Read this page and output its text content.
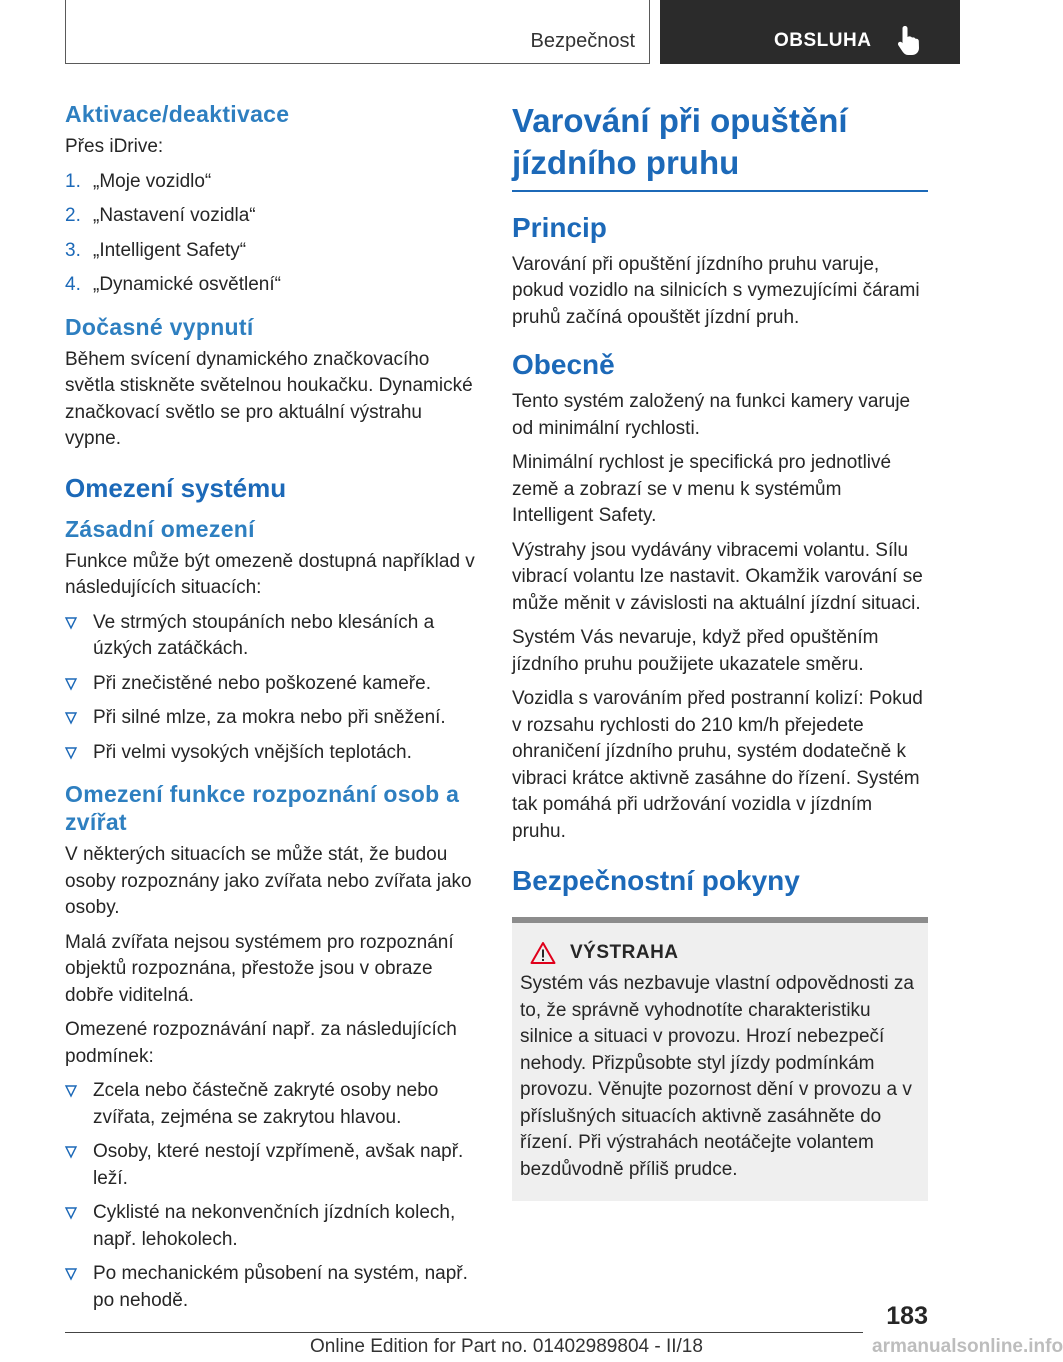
Bezpečnost	OBSLUHA
Aktivace/deaktivace

Přes iDrive:

1. „Moje vozidlo“
2. „Nastavení vozidla“
3. „Intelligent Safety“
4. „Dynamické osvětlení“
Dočasné vypnutí

Během svícení dynamického značkovacího světla stiskněte světelnou houkačku. Dynamické značkovací světlo se pro aktuální výstrahu vypne.

Omezení systému
Zásadní omezení

Funkce může být omezeně dostupná například v následujících situacích:

Ve strmých stoupáních nebo klesáních a úzkých zatáčkách.
Při znečistěné nebo poškozené kameře.
Při silné mlze, za mokra nebo při sněžení.
Při velmi vysokých vnějších teplotách.
Omezení funkce rozpoznání osob a zvířat

V některých situacích se může stát, že budou osoby rozpoznány jako zvířata nebo zvířata jako osoby.

Malá zvířata nejsou systémem pro rozpoznání objektů rozpoznána, přestože jsou v obraze dobře viditelná.

Omezené rozpoznávání např. za následujících podmínek:

Zcela nebo částečně zakryté osoby nebo zvířata, zejména se zakrytou hlavou.
Osoby, které nestojí vzpřímeně, avšak např. leží.
Cyklisté na nekonvenčních jízdních kolech, např. lehokolech.
Po mechanickém působení na systém, např. po nehodě.
Varování při opuštění jízdního pruhu
Princip

Varování při opuštění jízdního pruhu varuje, pokud vozidlo na silnicích s vymezujícími čárami pruhů začíná opouštět jízdní pruh.

Obecně

Tento systém založený na funkci kamery varuje od minimální rychlosti.

Minimální rychlost je specifická pro jednotlivé země a zobrazí se v menu k systémům Intelligent Safety.

Výstrahy jsou vydávány vibracemi volantu. Sílu vibrací volantu lze nastavit. Okamžik varování se může měnit v závislosti na aktuální jízdní situaci.

Systém Vás nevaruje, když před opuštěním jízdního pruhu použijete ukazatele směru.

Vozidla s varováním před postranní kolizí: Pokud v rozsahu rychlosti do 210 km/h přejedete ohraničení jízdního pruhu, systém dodatečně k vibraci krátce aktivně zasáhne do řízení. Systém tak pomáhá při udržování vozidla v jízdním pruhu.

Bezpečnostní pokyny
VÝSTRAHA

Systém vás nezbavuje vlastní odpovědnosti za to, že správně vyhodnotíte charakteristiku silnice a situaci v provozu. Hrozí nebezpečí nehody. Přizpůsobte styl jízdy podmínkám provozu. Věnujte pozornost dění v provozu a v příslušných situacích aktivně zasáhněte do řízení. Při výstrahách neotáčejte volantem bezdůvodně příliš prudce.

183
Online Edition for Part no. 01402989804 - II/18	armanualsonline.info
